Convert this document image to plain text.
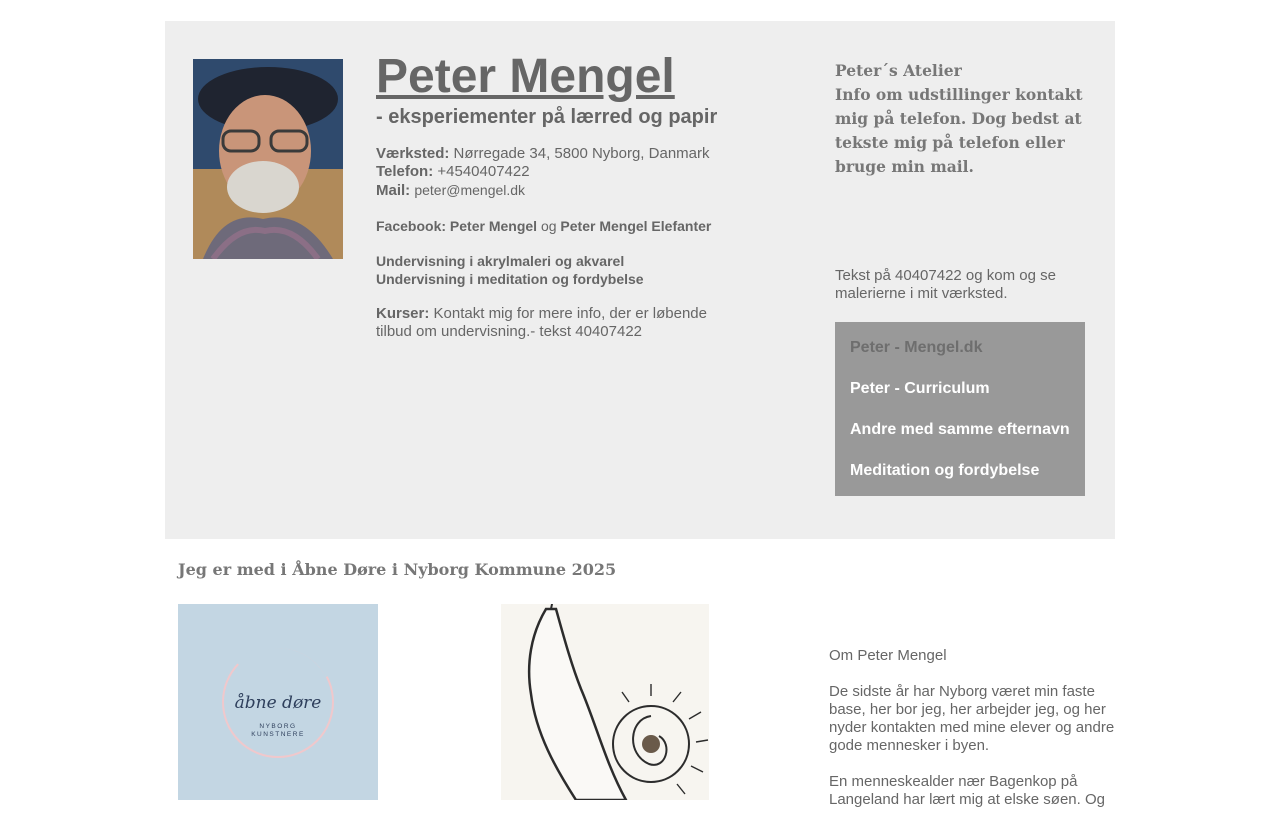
Peter Mengel
- eksperiementer på lærred og papir
Værksted: Nørregade 34, 5800 Nyborg, Danmark
Telefon: +4540407422
Mail: peter@mengel.dk
Facebook: Peter Mengel og Peter Mengel Elefanter
Undervisning i akrylmaleri og akvarel
Undervisning i meditation og fordybelse
Kurser: Kontakt mig for mere info, der er løbende tilbud om undervisning.- tekst 40407422
Peter´s Atelier
Info om udstillinger kontakt mig på telefon. Dog bedst at tekste mig på telefon eller bruge min mail.
Tekst på 40407422 og kom og se malerierne i mit værksted.
Peter - Mengel.dk
Peter - Curriculum
Andre med samme efternavn
Meditation og fordybelse
Jeg er med i Åbne Døre i Nyborg Kommune 2025
åbne døre
NYBORG
KUNSTNERE

Om Peter Mengel

De sidste år har Nyborg været min faste base, her bor jeg, her arbejder jeg, og her nyder kontakten med mine elever og andre gode mennesker i byen.

En menneskealder nær Bagenkop på Langeland har lært mig at elske søen. Og
